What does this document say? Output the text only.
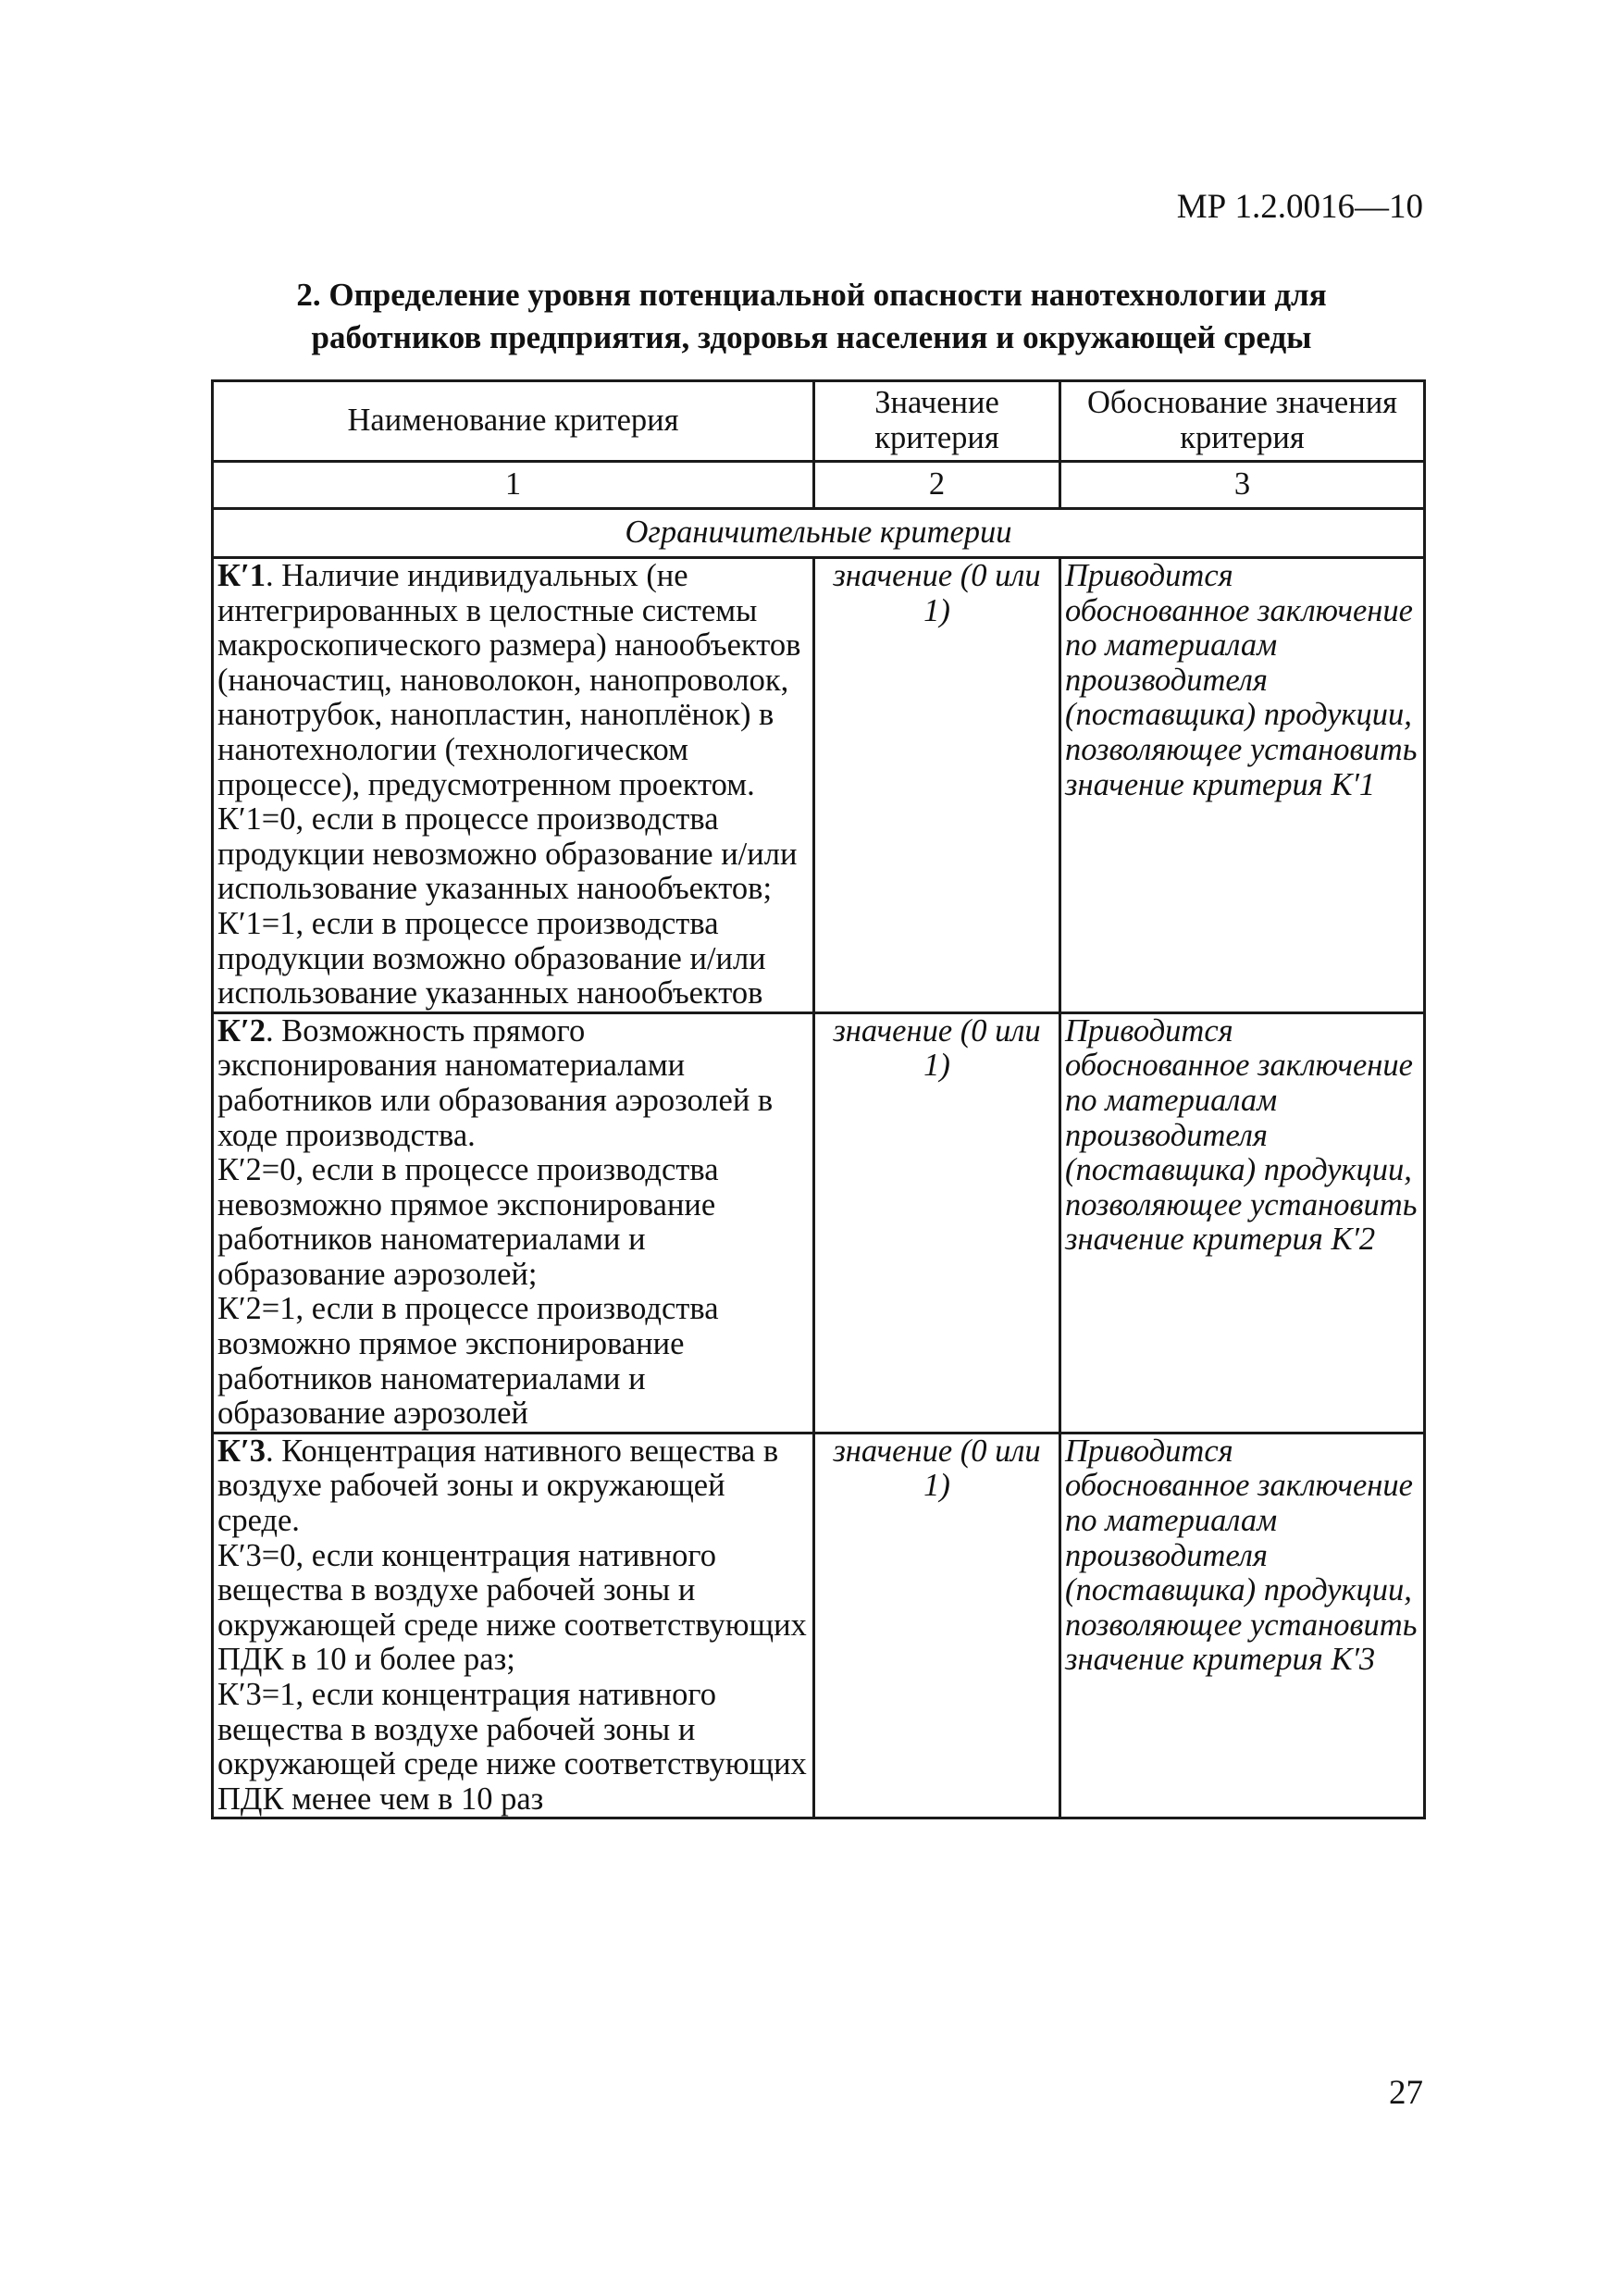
МР 1.2.0016—10
2. Определение уровня потенциальной опасности нанотехнологии для
работников предприятия, здоровья населения и окружающей среды
Наименование критерия	Значение критерия	Обоснование значения критерия
1	2	3
Ограничительные критерии		

К′1. Наличие индивидуальных (не интегрированных в целостные системы макроскопического размера) нанообъектов (наночастиц, нановолокон, нанопроволок, нанотрубок, нанопластин, наноплёнок) в нанотехнологии (технологическом процессе), предусмотренном проектом.
К′1=0, если в процессе производства продукции невозможно образование и/или использование указанных нанообъектов;
К′1=1, если в процессе производства продукции возможно образование и/или использование указанных нанообъектов	значение (0 или 1)	Приводится обоснованное заключение по материалам производителя (поставщика) продукции, позволяющее установить значение критерия К′1

К′2. Возможность прямого экспонирования наноматериалами работников или образования аэрозолей в ходе производства.
К′2=0, если в процессе производства невозможно прямое экспонирование работников наноматериалами и образование аэрозолей;
К′2=1, если в процессе производства возможно прямое экспонирование работников наноматериалами и образование аэрозолей	значение (0 или 1)	Приводится обоснованное заключение по материалам производителя (поставщика) продукции, позволяющее установить значение критерия К′2

К′3. Концентрация нативного вещества в воздухе рабочей зоны и окружающей среде.
К′3=0, если концентрация нативного вещества в воздухе рабочей зоны и окружающей среде ниже соответствующих ПДК в 10 и более раз;
К′3=1, если концентрация нативного вещества в воздухе рабочей зоны и окружающей среде ниже соответствующих ПДК менее чем в 10 раз	значение (0 или 1)	Приводится обоснованное заключение по материалам производителя (поставщика) продукции, позволяющее установить значение критерия К′3
27
